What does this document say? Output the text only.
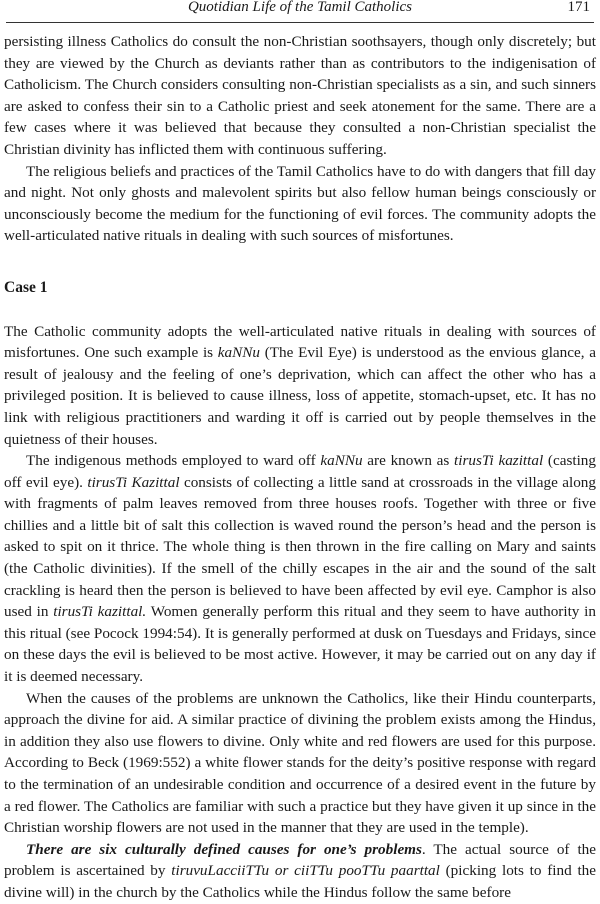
Quotidian Life of the Tamil Catholics	171

persisting illness Catholics do consult the non-Christian soothsayers, though only discretely; but they are viewed by the Church as deviants rather than as contributors to the indigenisation of Catholicism. The Church considers consulting non-Christian specialists as a sin, and such sinners are asked to confess their sin to a Catholic priest and seek atonement for the same. There are a few cases where it was believed that because they consulted a non-Christian specialist the Christian divinity has inflicted them with continuous suffering.

The religious beliefs and practices of the Tamil Catholics have to do with dangers that fill day and night. Not only ghosts and malevolent spirits but also fellow human beings consciously or unconsciously become the medium for the functioning of evil forces. The community adopts the well-articulated native rituals in dealing with such sources of misfortunes.

Case 1

The Catholic community adopts the well-articulated native rituals in dealing with sources of misfortunes. One such example is kaNNu (The Evil Eye) is understood as the envious glance, a result of jealousy and the feeling of one’s deprivation, which can affect the other who has a privileged position. It is believed to cause illness, loss of appetite, stomach-upset, etc. It has no link with religious practitioners and warding it off is carried out by people themselves in the quietness of their houses.

The indigenous methods employed to ward off kaNNu are known as tirusTi kazittal (casting off evil eye). tirusTi Kazittal consists of collecting a little sand at crossroads in the village along with fragments of palm leaves removed from three houses roofs. Together with three or five chillies and a little bit of salt this collection is waved round the person’s head and the person is asked to spit on it thrice. The whole thing is then thrown in the fire calling on Mary and saints (the Catholic divinities). If the smell of the chilly escapes in the air and the sound of the salt crackling is heard then the person is believed to have been affected by evil eye. Camphor is also used in tirusTi kazittal. Women generally perform this ritual and they seem to have authority in this ritual (see Pocock 1994:54). It is generally performed at dusk on Tuesdays and Fridays, since on these days the evil is believed to be most active. However, it may be carried out on any day if it is deemed necessary.

When the causes of the problems are unknown the Catholics, like their Hindu counterparts, approach the divine for aid. A similar practice of divining the problem exists among the Hindus, in addition they also use flowers to divine. Only white and red flowers are used for this purpose. According to Beck (1969:552) a white flower stands for the deity’s positive response with regard to the termination of an undesirable condition and occurrence of a desired event in the future by a red flower. The Catholics are familiar with such a practice but they have given it up since in the Christian worship flowers are not used in the manner that they are used in the temple).

There are six culturally defined causes for one’s problems. The actual source of the problem is ascertained by tiruvuLacciiTTu or ciiTTu pooTTu paarttal (picking lots to find the divine will) in the church by the Catholics while the Hindus follow the same before
